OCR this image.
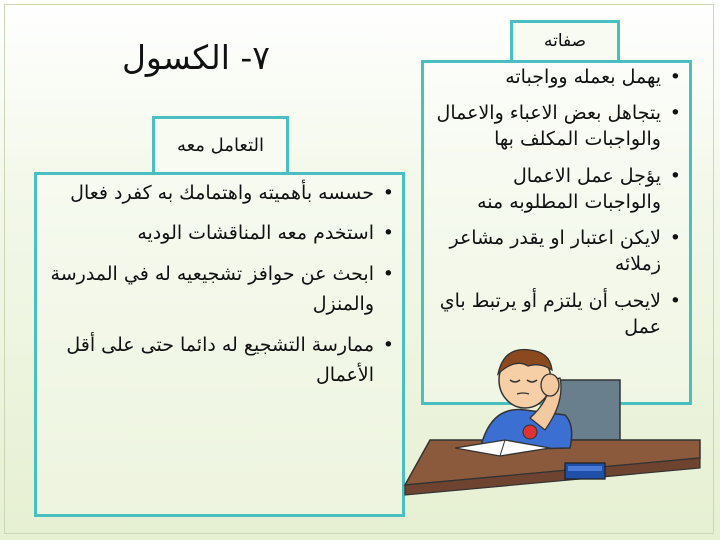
٧- الكسول	صفاته
• يهمل بعمله وواجباته
• يتجاهل بعض الاعباء والاعمال والواجبات المكلف بها
• يؤجل عمل الاعمال والواجبات المطلوبه منه
• لايكن اعتبار او يقدر مشاعر زملائه
• لايحب أن يلتزم أو يرتبط باي عمل
التعامل معه
• حسسه بأهميته واهتمامك به كفرد فعال
• استخدم معه المناقشات الوديه
• ابحث عن حوافز تشجيعيه له في المدرسة والمنزل
• ممارسة التشجيع له دائما حتى على أقل الأعمال
